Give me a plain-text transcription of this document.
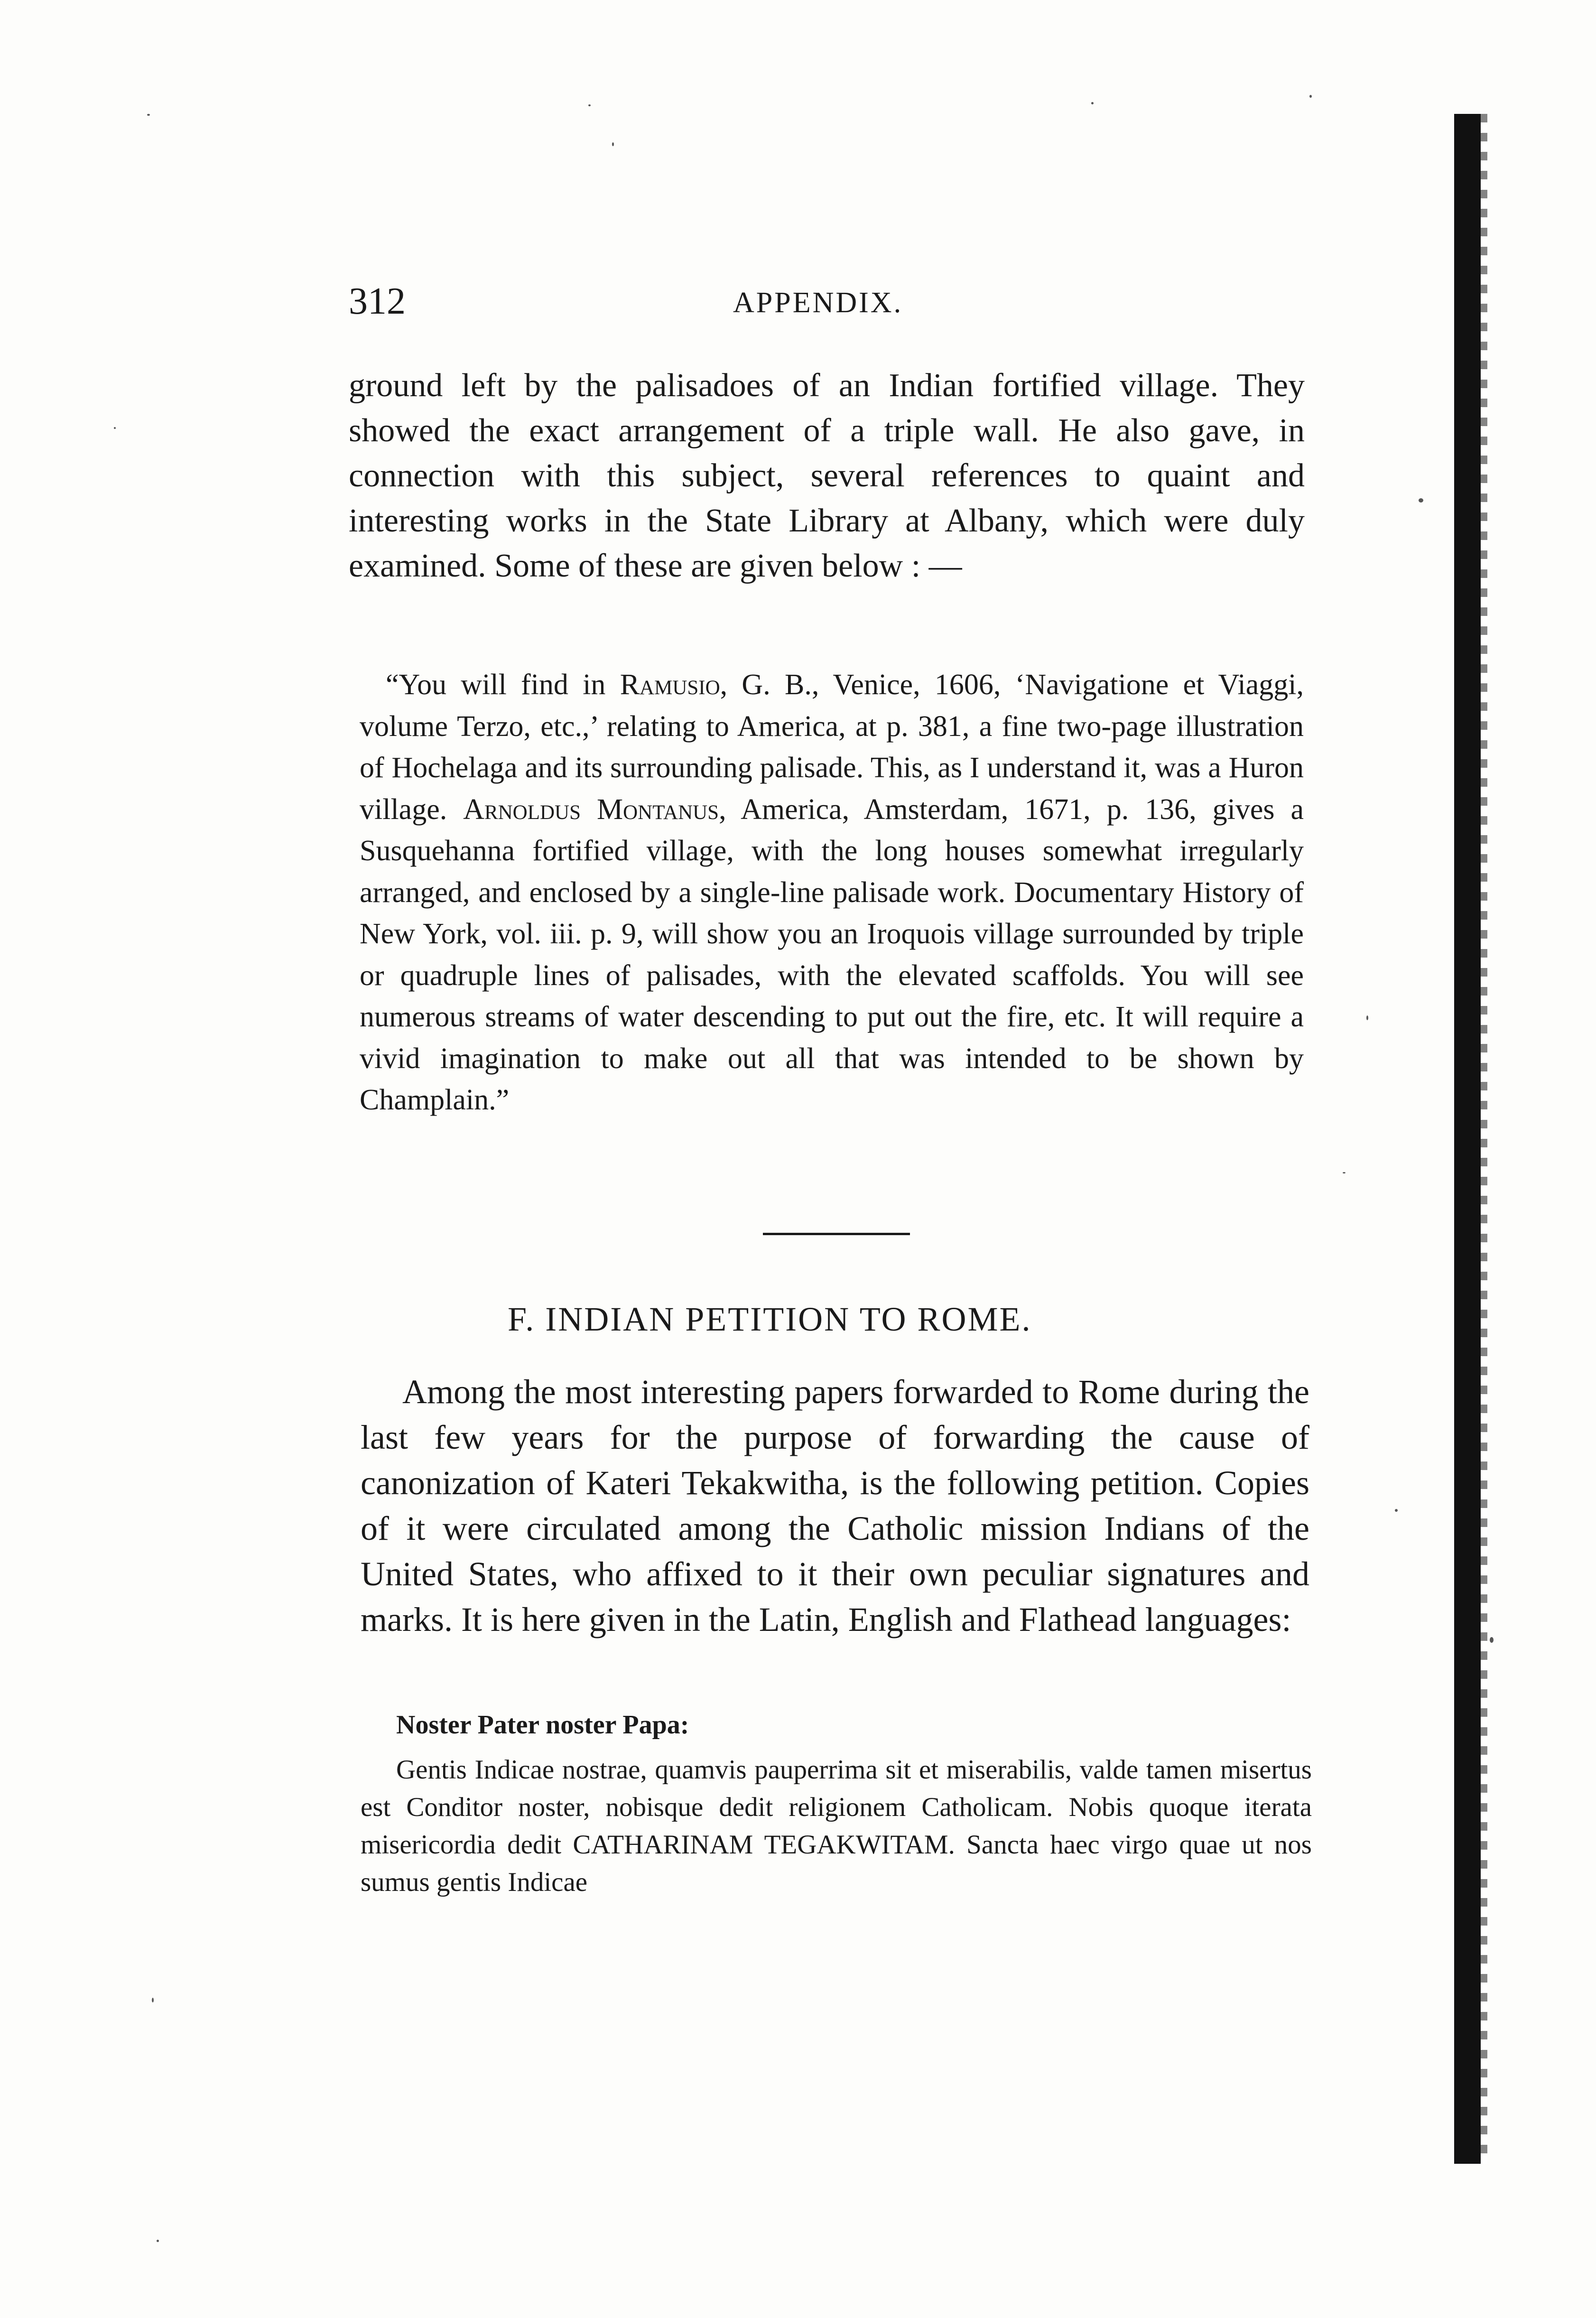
312	APPENDIX.
ground left by the palisadoes of an Indian fortified village. They showed the exact arrangement of a triple wall. He also gave, in connection with this subject, several references to quaint and interesting works in the State Library at Albany, which were duly examined. Some of these are given below : —
“You will find in Ramusio, G. B., Venice, 1606, ‘Navigatione et Viaggi, volume Terzo, etc.,’ relating to America, at p. 381, a fine two-page illustration of Hochelaga and its surrounding palisade. This, as I understand it, was a Huron village. Arnoldus Montanus, America, Amsterdam, 1671, p. 136, gives a Susquehanna fortified village, with the long houses somewhat irregularly arranged, and enclosed by a single-line palisade work. Documentary History of New York, vol. iii. p. 9, will show you an Iroquois village surrounded by triple or quadruple lines of palisades, with the elevated scaffolds. You will see numerous streams of water descending to put out the fire, etc. It will require a vivid imagination to make out all that was intended to be shown by Champlain.”
F. INDIAN PETITION TO ROME.
Among the most interesting papers forwarded to Rome during the last few years for the purpose of forwarding the cause of canonization of Kateri Tekakwitha, is the following petition. Copies of it were circulated among the Catholic mission Indians of the United States, who affixed to it their own peculiar signatures and marks. It is here given in the Latin, English and Flathead languages:
Noster Pater noster Papa:
Gentis Indicae nostrae, quamvis pauperrima sit et miserabilis, valde tamen misertus est Conditor noster, nobisque dedit religionem Catholicam. Nobis quoque iterata misericordia dedit CATHARINAM TEGAKWITAM. Sancta haec virgo quae ut nos sumus gentis Indicae
